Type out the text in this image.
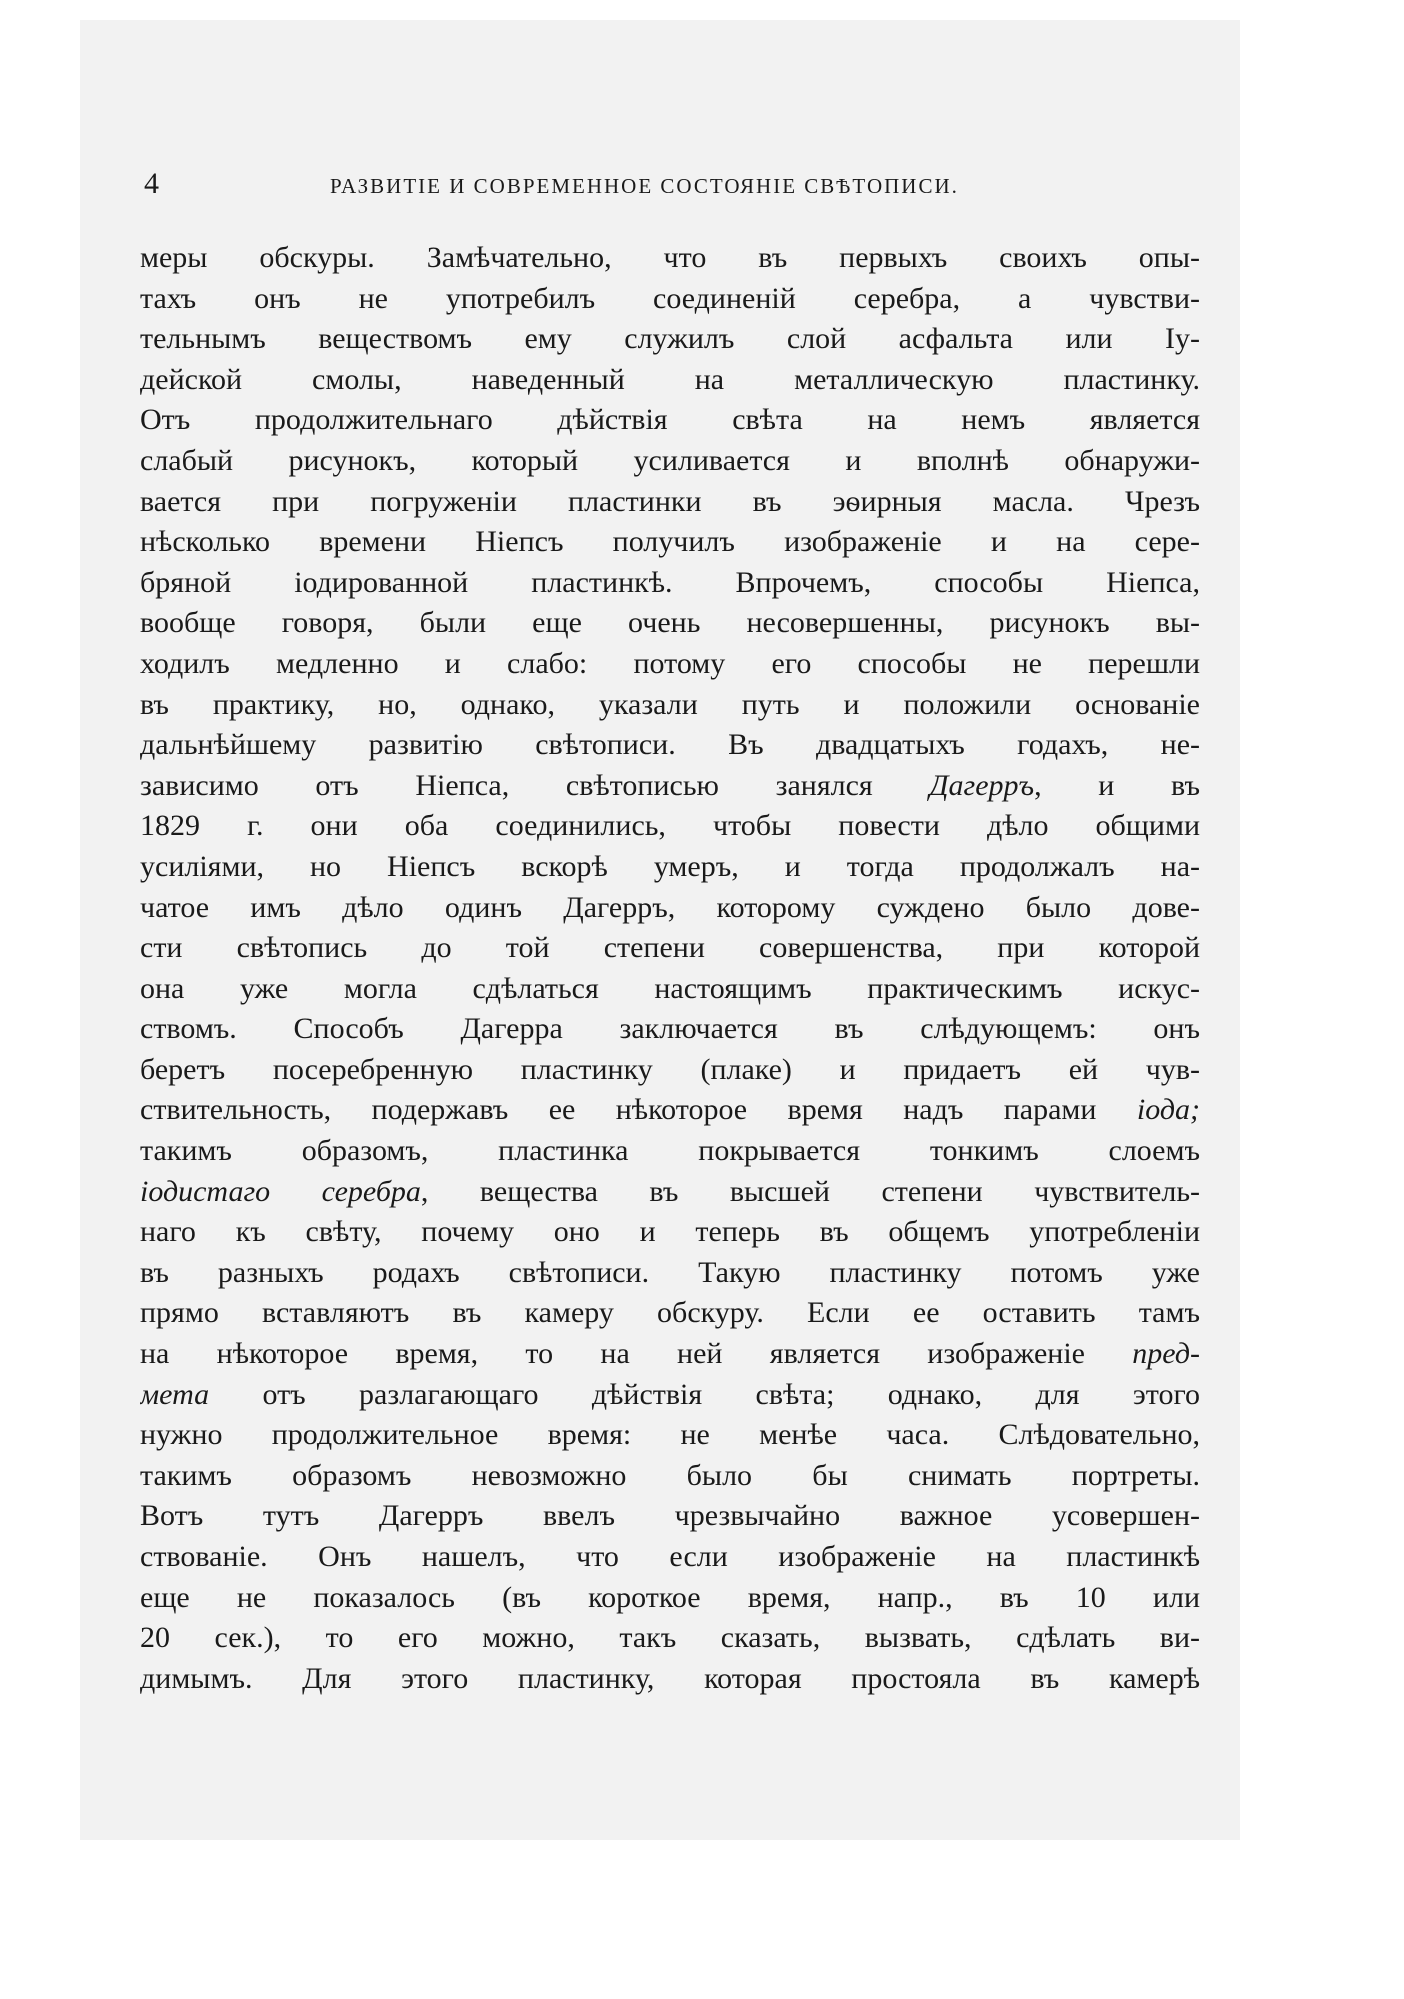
4	РАЗВИТІЕ И СОВРЕМЕННОЕ СОСТОЯНІЕ СВѢТОПИСИ.
меры обскуры. Замѣчательно, что въ первыхъ своихъ опы-
тахъ онъ не употребилъ соединеній серебра, а чувстви-
тельнымъ веществомъ ему служилъ слой асфальта или Іу-
дейской смолы, наведенный на металлическую пластинку.
Отъ продолжительнаго дѣйствія свѣта на немъ является
слабый рисунокъ, который усиливается и вполнѣ обнаружи-
вается при погруженіи пластинки въ эѳирныя масла. Чрезъ
нѣсколько времени Ніепсъ получилъ изображеніе и на сере-
бряной іодированной пластинкѣ. Впрочемъ, способы Ніепса,
вообще говоря, были еще очень несовершенны, рисунокъ вы-
ходилъ медленно и слабо: потому его способы не перешли
въ практику, но, однако, указали путь и положили основаніе
дальнѣйшему развитію свѣтописи. Въ двадцатыхъ годахъ, не-
зависимо отъ Ніепса, свѣтописью занялся Дагерръ, и въ
1829 г. они оба соединились, чтобы повести дѣло общими
усиліями, но Ніепсъ вскорѣ умеръ, и тогда продолжалъ на-
чатое имъ дѣло одинъ Дагерръ, которому суждено было дове-
сти свѣтопись до той степени совершенства, при которой
она уже могла сдѣлаться настоящимъ практическимъ искус-
ствомъ. Способъ Дагерра заключается въ слѣдующемъ: онъ
беретъ посеребренную пластинку (плаке) и придаетъ ей чув-
ствительность, подержавъ ее нѣкоторое время надъ парами іода;
такимъ образомъ, пластинка покрывается тонкимъ слоемъ
іодистаго серебра, вещества въ высшей степени чувствитель-
наго къ свѣту, почему оно и теперь въ общемъ употребленіи
въ разныхъ родахъ свѣтописи. Такую пластинку потомъ уже
прямо вставляютъ въ камеру обскуру. Если ее оставить тамъ
на нѣкоторое время, то на ней является изображеніе пред-
мета отъ разлагающаго дѣйствія свѣта; однако, для этого
нужно продолжительное время: не менѣе часа. Слѣдовательно,
такимъ образомъ невозможно было бы снимать портреты.
Вотъ тутъ Дагерръ ввелъ чрезвычайно важное усовершен-
ствованіе. Онъ нашелъ, что если изображеніе на пластинкѣ
еще не показалось (въ короткое время, напр., въ 10 или
20 сек.), то его можно, такъ сказать, вызвать, сдѣлать ви-
димымъ. Для этого пластинку, которая простояла въ камерѣ
